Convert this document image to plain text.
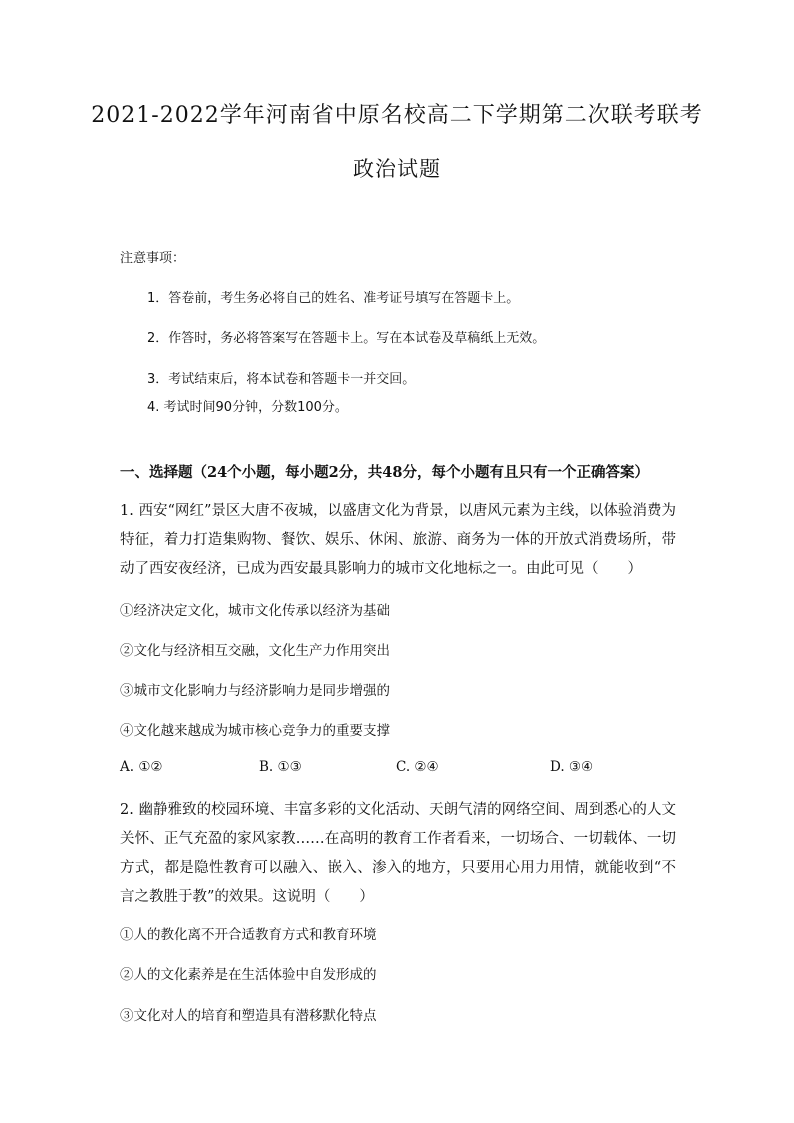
2021-2022学年河南省中原名校高二下学期第二次联考联考
政治试题
注意事项：
1．答卷前，考生务必将自己的姓名、准考证号填写在答题卡上。
2．作答时，务必将答案写在答题卡上。写在本试卷及草稿纸上无效。
3．考试结束后，将本试卷和答题卡一并交回。
4. 考试时间90分钟，分数100分。
一、选择题（24个小题，每小题2分，共48分，每个小题有且只有一个正确答案）
1. 西安“网红”景区大唐不夜城，以盛唐文化为背景，以唐风元素为主线，以体验消费为特征，着力打造集购物、餐饮、娱乐、休闲、旅游、商务为一体的开放式消费场所，带动了西安夜经济，已成为西安最具影响力的城市文化地标之一。由此可见（　　）
①经济决定文化，城市文化传承以经济为基础
②文化与经济相互交融，文化生产力作用突出
③城市文化影响力与经济影响力是同步增强的
④文化越来越成为城市核心竞争力的重要支撑
A. ①②	B. ①③	C. ②④	D. ③④
2. 幽静雅致的校园环境、丰富多彩的文化活动、天朗气清的网络空间、周到悉心的人文关怀、正气充盈的家风家教……在高明的教育工作者看来，一切场合、一切载体、一切方式，都是隐性教育可以融入、嵌入、渗入的地方，只要用心用力用情，就能收到“不言之教胜于教”的效果。这说明（　　）
①人的教化离不开合适教育方式和教育环境
②人的文化素养是在生活体验中自发形成的
③文化对人的培育和塑造具有潜移默化特点
